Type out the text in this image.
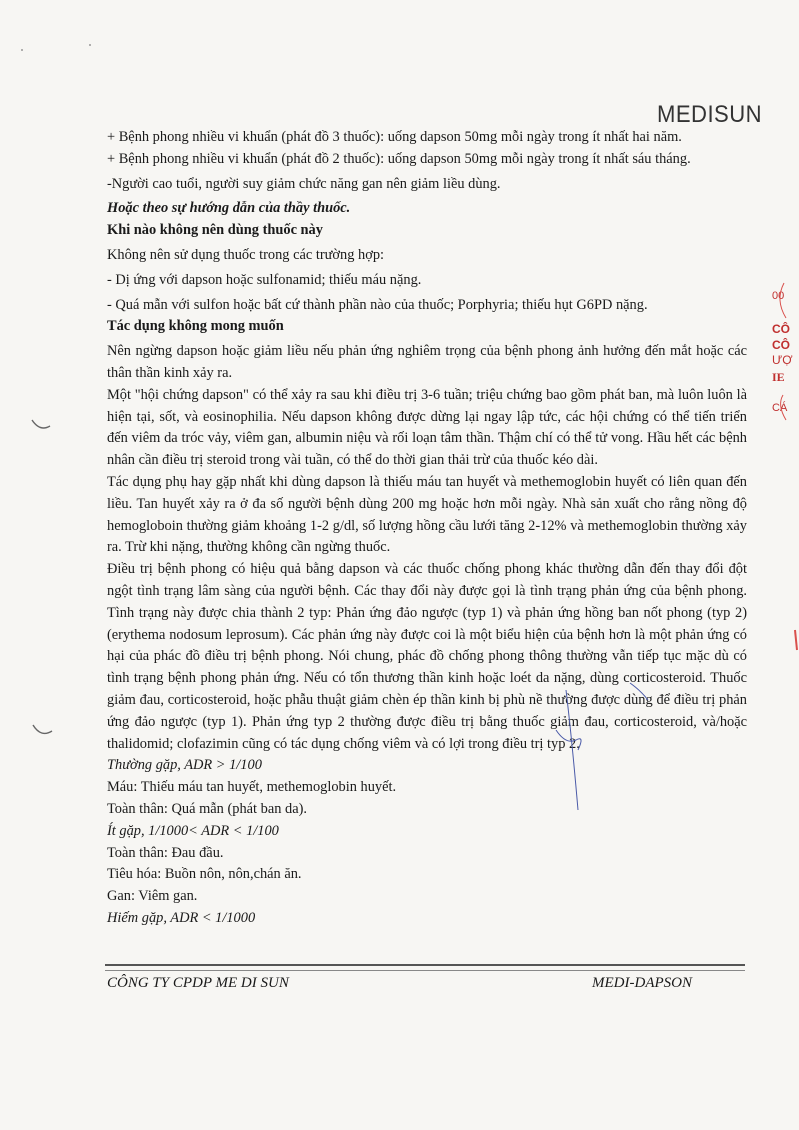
MEDISUN

+ Bệnh phong nhiều vi khuẩn (phát đồ 3 thuốc): uống dapson 50mg mỗi ngày trong ít nhất hai năm.

+ Bệnh phong nhiều vi khuẩn (phát đồ 2 thuốc): uống dapson 50mg mỗi ngày trong ít nhất sáu tháng.

-Người cao tuổi, người suy giảm chức năng gan nên giảm liều dùng.

Hoặc theo sự hướng dẫn của thầy thuốc.

Khi nào không nên dùng thuốc này

Không nên sử dụng thuốc trong các trường hợp:

- Dị ứng với dapson hoặc sulfonamid; thiếu máu nặng.

- Quá mẫn với sulfon hoặc bất cứ thành phần nào của thuốc; Porphyria; thiếu hụt G6PD nặng.

Tác dụng không mong muốn

Nên ngừng dapson hoặc giảm liều nếu phản ứng nghiêm trọng của bệnh phong ảnh hưởng đến mắt hoặc các thân thần kinh xảy ra.

Một "hội chứng dapson" có thể xảy ra sau khi điều trị 3-6 tuần; triệu chứng bao gồm phát ban, mà luôn luôn là hiện tại, sốt, và eosinophilia. Nếu dapson không được dừng lại ngay lập tức, các hội chứng có thể tiến triển đến viêm da tróc vảy, viêm gan, albumin niệu và rối loạn tâm thần. Thậm chí có thể tử vong. Hầu hết các bệnh nhân cần điều trị steroid trong vài tuần, có thể do thời gian thải trừ của thuốc kéo dài.

Tác dụng phụ hay gặp nhất khi dùng dapson là thiếu máu tan huyết và methemoglobin huyết có liên quan đến liều. Tan huyết xảy ra ở đa số người bệnh dùng 200 mg hoặc hơn mỗi ngày. Nhà sản xuất cho rằng nồng độ hemogloboin thường giảm khoảng 1-2 g/dl, số lượng hồng cầu lưới tăng 2-12% và methemoglobin thường xảy ra. Trừ khi nặng, thường không cần ngừng thuốc.

Điều trị bệnh phong có hiệu quả bằng dapson và các thuốc chống phong khác thường dẫn đến thay đổi đột ngột tình trạng lâm sàng của người bệnh. Các thay đổi này được gọi là tình trạng phản ứng của bệnh phong. Tình trạng này được chia thành 2 typ: Phản ứng đảo ngược (typ 1) và phản ứng hồng ban nốt phong (typ 2) (erythema nodosum leprosum). Các phản ứng này được coi là một biểu hiện của bệnh hơn là một phản ứng có hại của phác đồ điều trị bệnh phong. Nói chung, phác đồ chống phong thông thường vẫn tiếp tục mặc dù có tình trạng bệnh phong phản ứng. Nếu có tổn thương thần kinh hoặc loét da nặng, dùng corticosteroid. Thuốc giảm đau, corticosteroid, hoặc phẫu thuật giảm chèn ép thần kinh bị phù nề thường được dùng để điều trị phản ứng đảo ngược (typ 1). Phản ứng typ 2 thường được điều trị bằng thuốc giảm đau, corticosteroid, và/hoặc thalidomid; clofazimin cũng có tác dụng chống viêm và có lợi trong điều trị typ 2.

Thường gặp, ADR > 1/100

Máu: Thiếu máu tan huyết, methemoglobin huyết.

Toàn thân: Quá mẫn (phát ban da).

Ít gặp, 1/1000< ADR < 1/100

Toàn thân: Đau đầu.

Tiêu hóa: Buồn nôn, nôn,chán ăn.

Gan: Viêm gan.

Hiếm gặp, ADR < 1/1000

CÔNG TY CPDP ME DI SUN	MEDI-DAPSON
00
CÔ
CÔ
ƯỢ
IE
CÁ
